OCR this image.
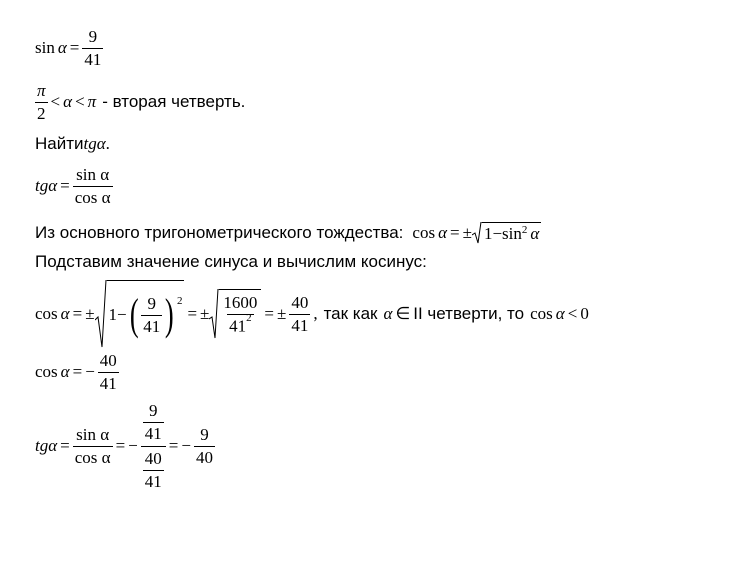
$\sin \alpha = \frac{9}{41}$
$\frac{\pi}{2} < \alpha < \pi$ - вторая четверть.
Найти tgα .
$tg\alpha = \frac{\text{sin α}}{\text{cos α}}$
Из основного тригонометрического тождества: cos α = ± $1 - \sin^2 \alpha$
Подставим значение синуса и вычислим косинус:
cos α = ± 1 − ( $\frac{9}{41}$ ) $^2$
= ± $\frac{1600}{41^2}$ = ± $\frac{40}{41}$ , так как α ∈ II четверти, то cos α < 0
cos α = − $\frac{40}{41}$
$tg\alpha = \frac{\text{sin α}}{\text{cos α}}$ = − $\frac{\frac{9}{41}}{\frac{40}{41}}$ = − $\frac{9}{40}$
